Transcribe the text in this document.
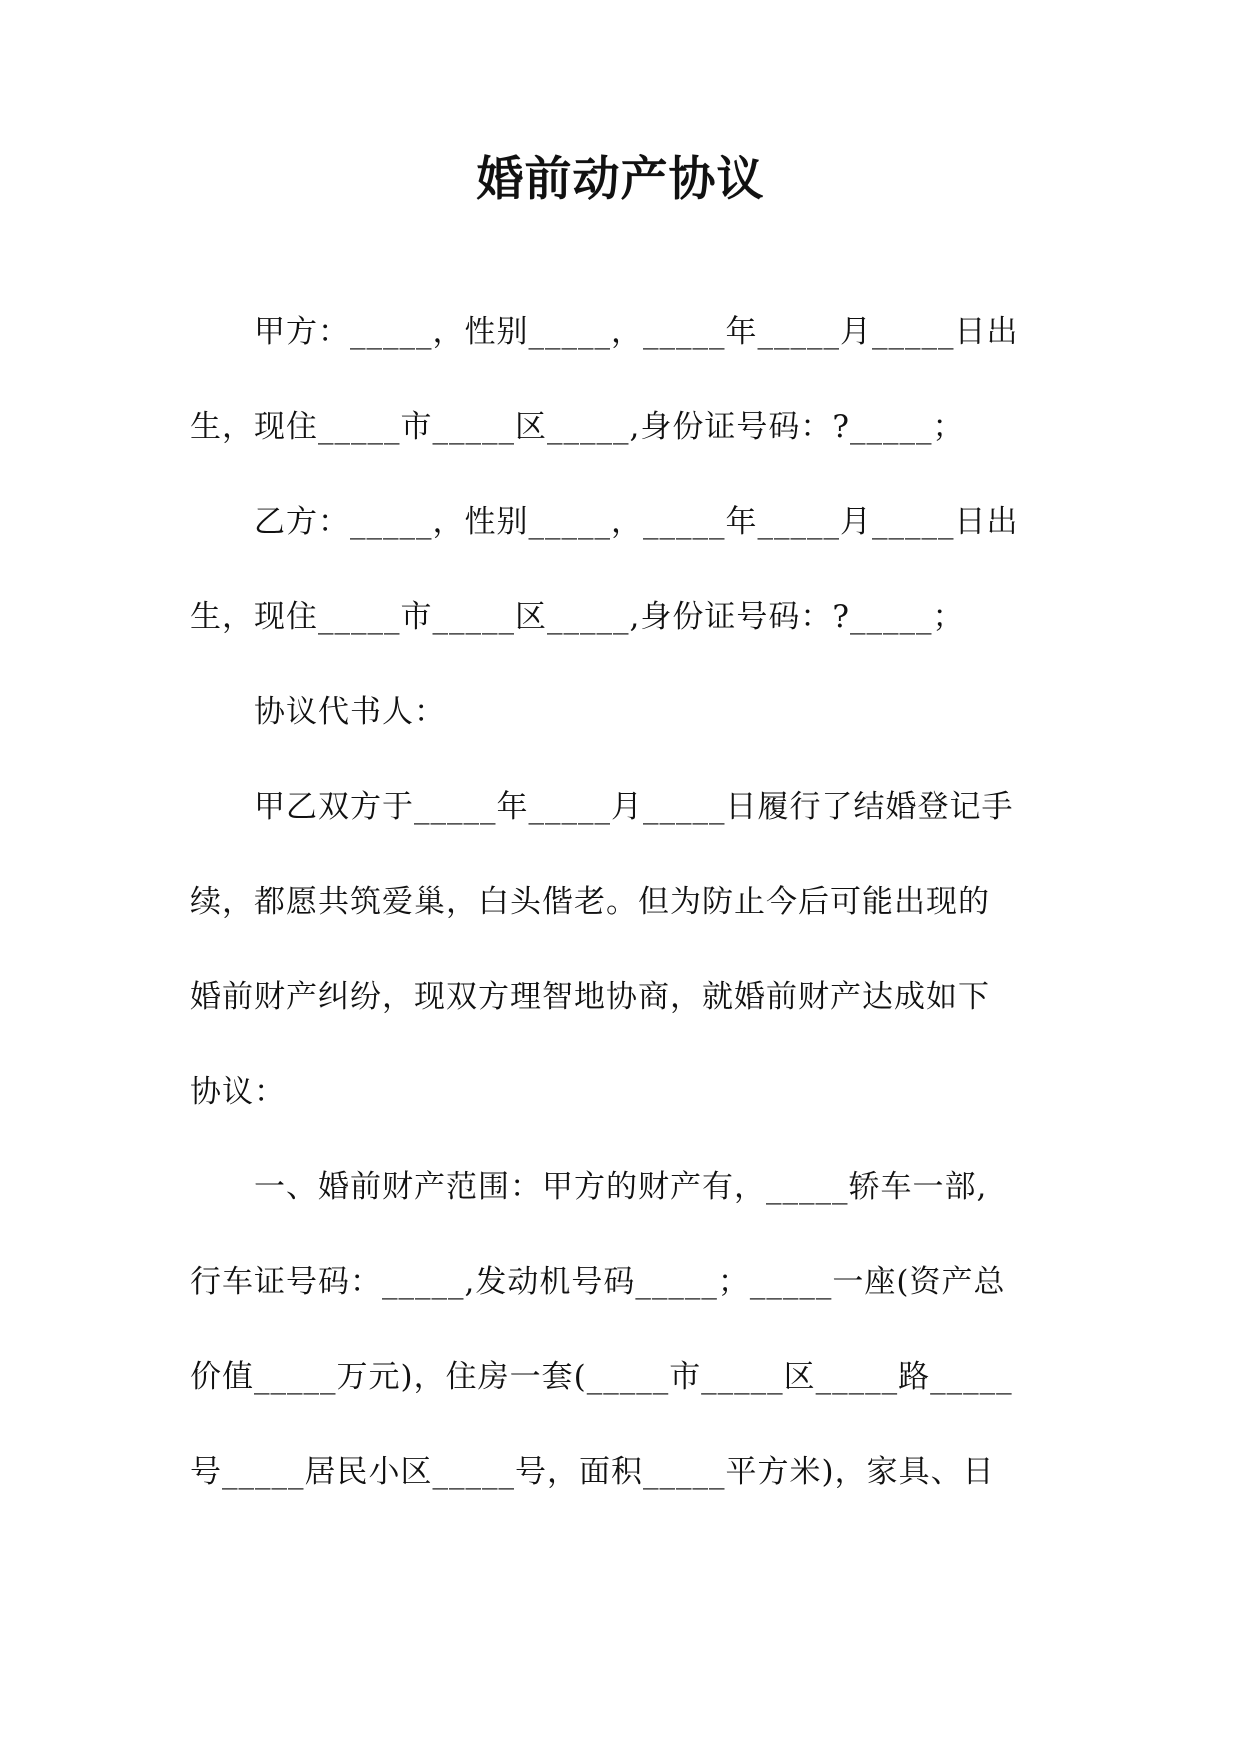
婚前动产协议
　　甲方：_____，性别_____，_____年_____月_____日出
生，现住_____市_____区_____,身份证号码：?_____；
　　乙方：_____，性别_____，_____年_____月_____日出
生，现住_____市_____区_____,身份证号码：?_____；
　　协议代书人：
　　甲乙双方于_____年_____月_____日履行了结婚登记手
续，都愿共筑爱巢，白头偕老。但为防止今后可能出现的
婚前财产纠纷，现双方理智地协商，就婚前财产达成如下
协议：
　　一、婚前财产范围：甲方的财产有，_____轿车一部,
行车证号码：_____,发动机号码_____；_____一座(资产总
价值_____万元)，住房一套(_____市_____区_____路_____
号_____居民小区_____号，面积_____平方米)，家具、日
